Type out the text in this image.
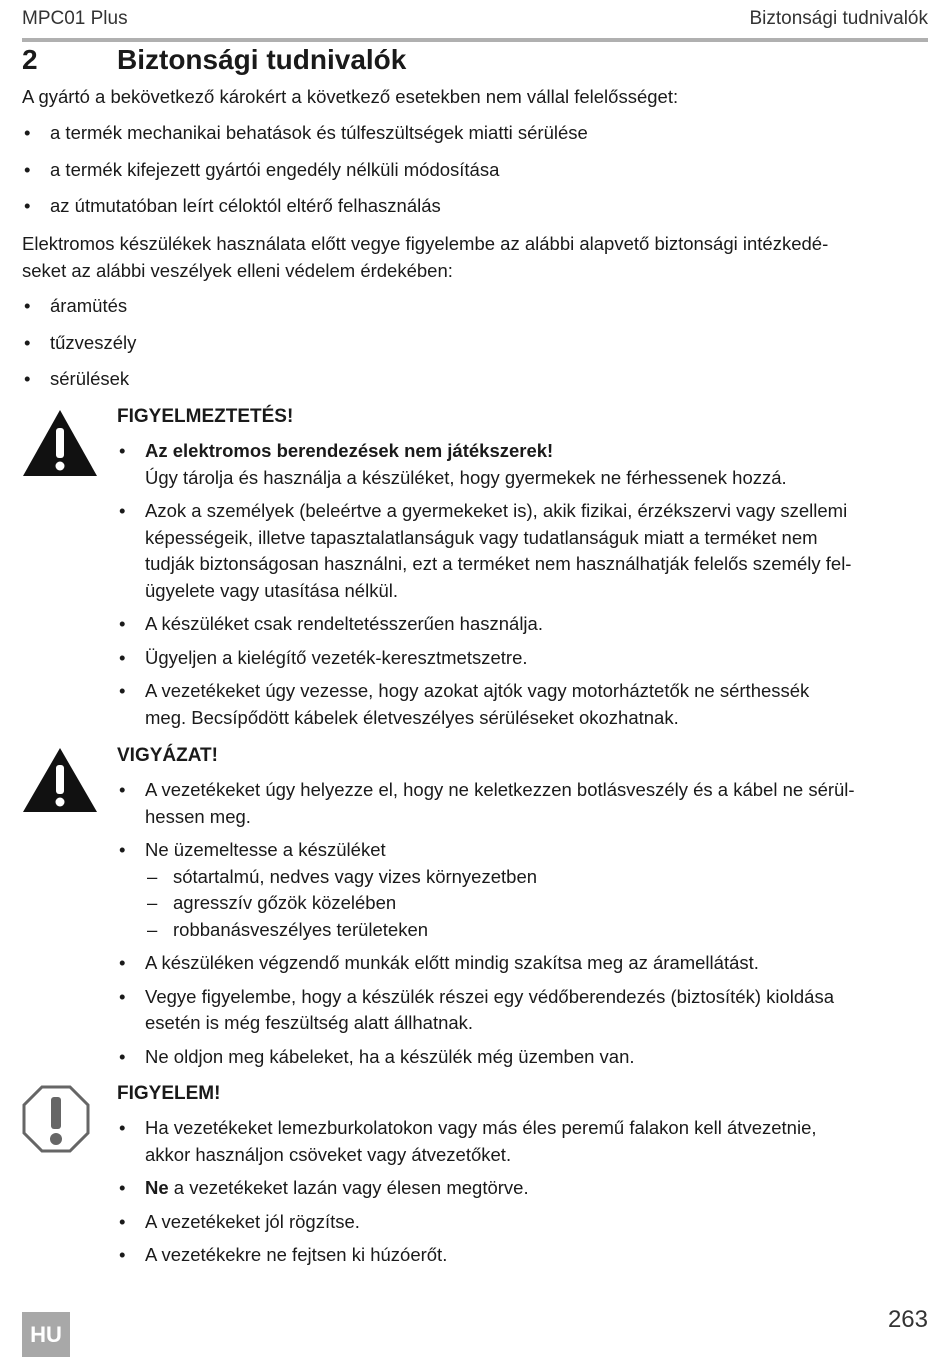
MPC01 Plus	Biztonsági tudnivalók
2	Biztonsági tudnivalók
A gyártó a bekövetkező károkért a következő esetekben nem vállal felelősséget:
• a termék mechanikai behatások és túlfeszültségek miatti sérülése
• a termék kifejezett gyártói engedély nélküli módosítása
• az útmutatóban leírt céloktól eltérő felhasználás
Elektromos készülékek használata előtt vegye figyelembe az alábbi alapvető biztonsági intézkedé-
seket az alábbi veszélyek elleni védelem érdekében:
• áramütés
• tűzveszély
• sérülések
FIGYELMEZTETÉS!
• Az elektromos berendezések nem játékszerek!
Úgy tárolja és használja a készüléket, hogy gyermekek ne férhessenek hozzá.
• Azok a személyek (beleértve a gyermekeket is), akik fizikai, érzékszervi vagy szellemi
képességeik, illetve tapasztalatlanságuk vagy tudatlanságuk miatt a terméket nem
tudják biztonságosan használni, ezt a terméket nem használhatják felelős személy fel-
ügyelete vagy utasítása nélkül.
• A készüléket csak rendeltetésszerűen használja.
• Ügyeljen a kielégítő vezeték-keresztmetszetre.
• A vezetékeket úgy vezesse, hogy azokat ajtók vagy motorháztetők ne sérthessék
meg. Becsípődött kábelek életveszélyes sérüléseket okozhatnak.
VIGYÁZAT!
• A vezetékeket úgy helyezze el, hogy ne keletkezzen botlásveszély és a kábel ne sérül-
hessen meg.
• Ne üzemeltesse a készüléket
– sótartalmú, nedves vagy vizes környezetben
– agresszív gőzök közelében
– robbanásveszélyes területeken
• A készüléken végzendő munkák előtt mindig szakítsa meg az áramellátást.
• Vegye figyelembe, hogy a készülék részei egy védőberendezés (biztosíték) kioldása
esetén is még feszültség alatt állhatnak.
• Ne oldjon meg kábeleket, ha a készülék még üzemben van.
FIGYELEM!
• Ha vezetékeket lemezburkolatokon vagy más éles peremű falakon kell átvezetnie,
akkor használjon csöveket vagy átvezetőket.
• Ne a vezetékeket lazán vagy élesen megtörve.
• A vezetékeket jól rögzítse.
• A vezetékekre ne fejtsen ki húzóerőt.
263
HU
